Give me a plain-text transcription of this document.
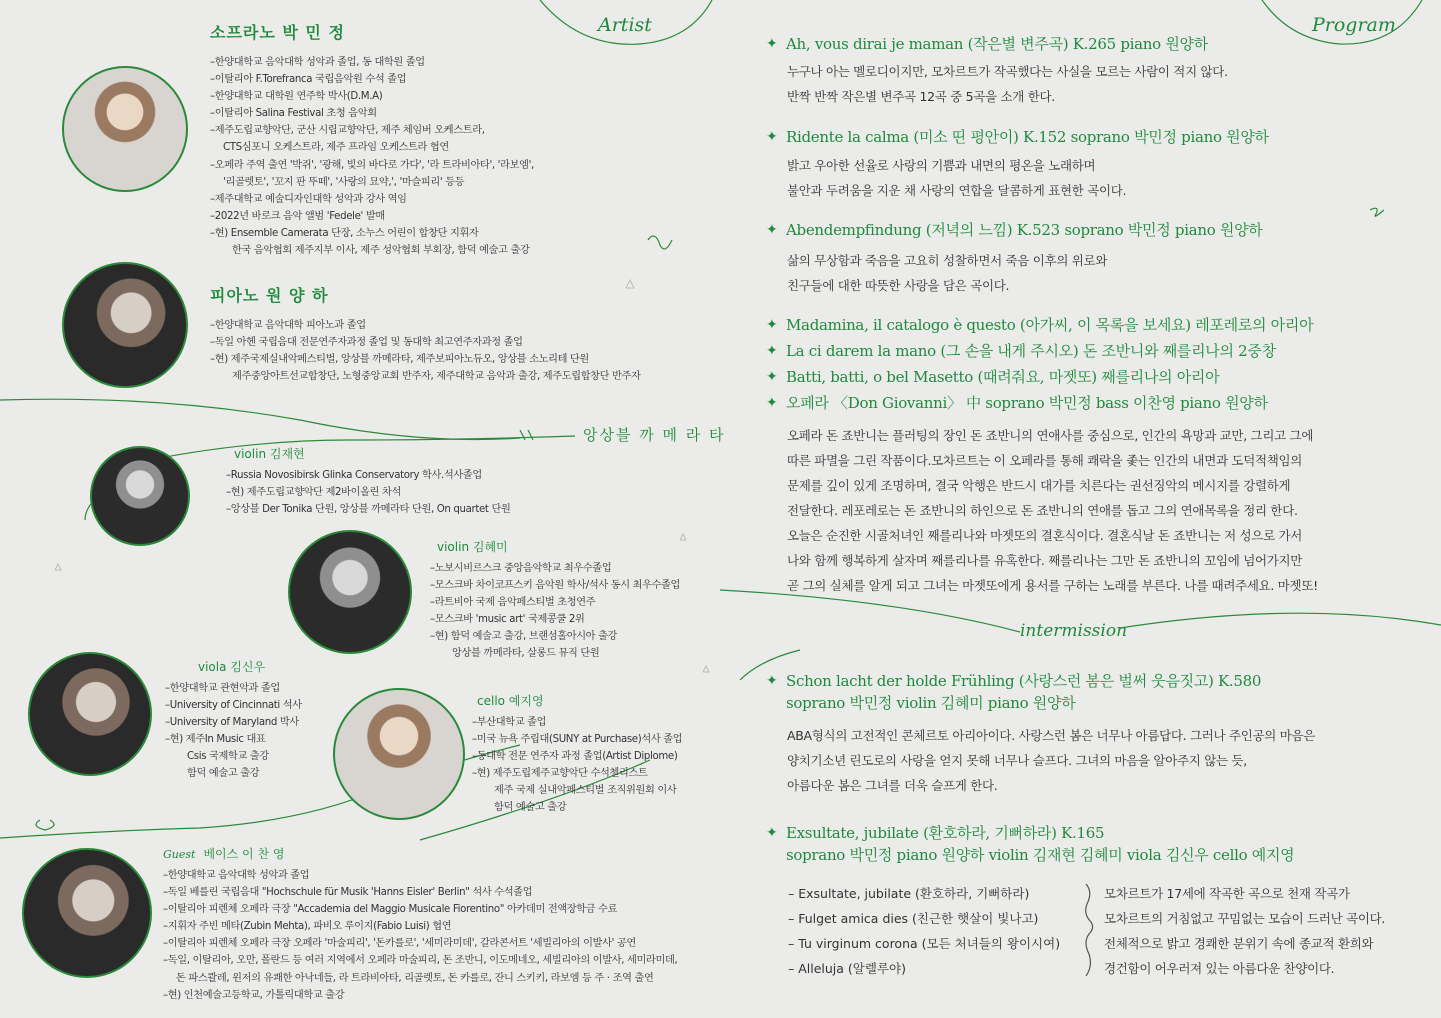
Artist	Program
intermission
소프라노 박 민 정
–한양대학교 음악대학 성악과 졸업, 동 대학원 졸업
–이탈리아 F.Torefranca 국립음악원 수석 졸업
–한양대학교 대학원 연주학 박사(D.M.A)
–이탈리아 Salina Festival 초청 음악회
–제주도립교향악단, 군산 시립교향악단, 제주 체임버 오케스트라,
CTS심포니 오케스트라, 제주 프라임 오케스트라 협연
–오페라 주역 출연 '박쥐', '광해, 빛의 바다로 가다', '라 트라비아타', '라보엠',
'리골렛토', '꼬지 판 뚜떼', '사랑의 묘약,', '마슬피리' 등등
–제주대학교 예술디자인대학 성악과 강사 역임
–2022년 바로크 음악 앨범 'Fedele' 발매
–현) Ensemble Camerata 단장, 소누스 어린이 합창단 지휘자
한국 음악협회 제주지부 이사, 제주 성악협회 부회장, 함덕 예술고 출강
피아노 원 양 하
–한양대학교 음악대학 피아노과 졸업
–독일 아헨 국립음대 전문연주자과정 졸업 및 동대학 최고연주자과정 졸업
–현) 제주국제실내악페스티벌, 앙상블 까메라타, 제주보피아노듀오, 앙상블 소노리테 단원
제주중앙아트선교합창단, 노형중앙교회 반주자, 제주대학교 음악과 출강, 제주도립합창단 반주자
앙상블 까 메 라 타
violin 김재현
–Russia Novosibirsk Glinka Conservatory 학사.석사졸업
–현) 제주도립교향악단 제2바이올린 차석
–앙상블 Der Tonika 단원, 앙상블 까메라타 단원, On quartet 단원
violin 김혜미
–노보시비르스크 중앙음악학교 최우수졸업
–모스크바 차이코프스키 음악원 학사/석사 동시 최우수졸업
–라트비아 국제 음악페스티벌 초청연주
–모스크바 'music art' 국제콩쿨 2위
–현) 함덕 예술고 출강, 브랜섬홀아시아 출강
앙상블 까메라타, 살롱드 뮤직 단원
viola 김신우
–한양대학교 관현악과 졸업
–University of Cincinnati 석사
–University of Maryland 박사
–현) 제주In Music 대표
Csis 국제학교 출강
함덕 예술고 출강
cello 예지영
–부산대학교 졸업
–미국 뉴욕 주립대(SUNY at Purchase)석사 졸업
–동대학 전문 연주자 과정 졸업(Artist Diplome)
–현) 제주도립제주교향악단 수석첼리스트
제주 국제 실내악페스티벌 조직위원회 이사
함덕 예술고 출강
Guest 베이스 이 찬 영
–한양대학교 음악대학 성악과 졸업
–독일 베를린 국립음대 "Hochschule für Musik 'Hanns Eisler' Berlin" 석사 수석졸업
–이탈리아 피렌체 오페라 극장 "Accademia del Maggio Musicale Fiorentino" 아카데미 전액장학금 수료
–지휘자 주빈 메타(Zubin Mehta), 파비오 루이지(Fabio Luisi) 협연
–이탈리아 피렌체 오페라 극장 오페라 '마술피리', '돈카를로', '세미라미데', 갈라콘서트 '세빌리아의 이발사' 공연
–독일, 이탈리아, 오만, 폴란드 등 여러 지역에서 오페라 마술피리, 돈 조반니, 이도메네오, 세빌리아의 이발사, 세미라미데,
돈 파스콸레, 윈저의 유쾌한 아낙네들, 라 트라비아타, 리골렛토, 돈 카를로, 잔니 스키키, 라보엠 등 주 · 조역 출연
–현) 인천예술고등학교, 가톨릭대학교 출강
✦ Ah, vous dirai je maman (작은별 변주곡) K.265 piano 원양하

누구나 아는 멜로디이지만, 모차르트가 작곡했다는 사실을 모르는 사람이 적지 않다.

반짝 반짝 작은별 변주곡 12곡 중 5곡을 소개 한다.

✦ Ridente la calma (미소 띤 평안이) K.152 soprano 박민정 piano 원양하

밝고 우아한 선율로 사랑의 기쁨과 내면의 평온을 노래하며

불안과 두려움을 지운 채 사랑의 연합을 달콤하게 표현한 곡이다.

✦ Abendempfindung (저녁의 느낌) K.523 soprano 박민정 piano 원양하

삶의 무상함과 죽음을 고요히 성찰하면서 죽음 이후의 위로와

친구들에 대한 따뜻한 사랑을 담은 곡이다.

✦ Madamina, il catalogo è questo (아가씨, 이 목록을 보세요) 레포레로의 아리아
✦ La ci darem la mano (그 손을 내게 주시오) 돈 조반니와 째를리나의 2중창
✦ Batti, batti, o bel Masetto (때려줘요, 마젯또) 째를리나의 아리아
✦ 오페라 〈Don Giovanni〉 中 soprano 박민정 bass 이찬영 piano 원양하

오페라 돈 죠반니는 플러팅의 장인 돈 죠반니의 연애사를 중심으로, 인간의 욕망과 교만, 그리고 그에

따른 파멸을 그린 작품이다.모차르트는 이 오페라를 통해 쾌락을 좇는 인간의 내면과 도덕적책임의

문제를 깊이 있게 조명하며, 결국 악행은 반드시 대가를 치른다는 권선징악의 메시지를 강렬하게

전달한다. 레포레로는 돈 죠반니의 하인으로 돈 죠반니의 연애를 돕고 그의 연애목록을 정리 한다.

오늘은 순진한 시골처녀인 째를리나와 마젯또의 결혼식이다. 결혼식날 돈 죠반니는 저 성으로 가서

나와 함께 행복하게 살자며 째를리나를 유혹한다. 째를리나는 그만 돈 죠반니의 꼬임에 넘어가지만

곧 그의 실체를 알게 되고 그녀는 마젯또에게 용서를 구하는 노래를 부른다. 나를 때려주세요. 마젯또!

✦ Schon lacht der holde Frühling (사랑스런 봄은 벌써 웃음짓고) K.580
soprano 박민정 violin 김혜미 piano 원양하

ABA형식의 고전적인 콘체르토 아리아이다. 사랑스런 봄은 너무나 아름답다. 그러나 주인공의 마음은

양치기소년 린도로의 사랑을 얻지 못해 너무나 슬프다. 그녀의 마음을 알아주지 않는 듯,

아름다운 봄은 그녀를 더욱 슬프게 한다.

✦ Exsultate, jubilate (환호하라, 기뻐하라) K.165
soprano 박민정 piano 원양하 violin 김재현 김혜미 viola 김신우 cello 예지영

– Exsultate, jubilate (환호하라, 기뻐하라)

– Fulget amica dies (친근한 햇살이 빛나고)

– Tu virginum corona (모든 처녀들의 왕이시여)

– Alleluja (알렐루야)

모차르트가 17세에 작곡한 곡으로 천재 작곡가

모차르트의 거침없고 꾸밈없는 모습이 드러난 곡이다.

전체적으로 밝고 경쾌한 분위기 속에 종교적 환희와

경건함이 어우러져 있는 아름다운 찬양이다.
